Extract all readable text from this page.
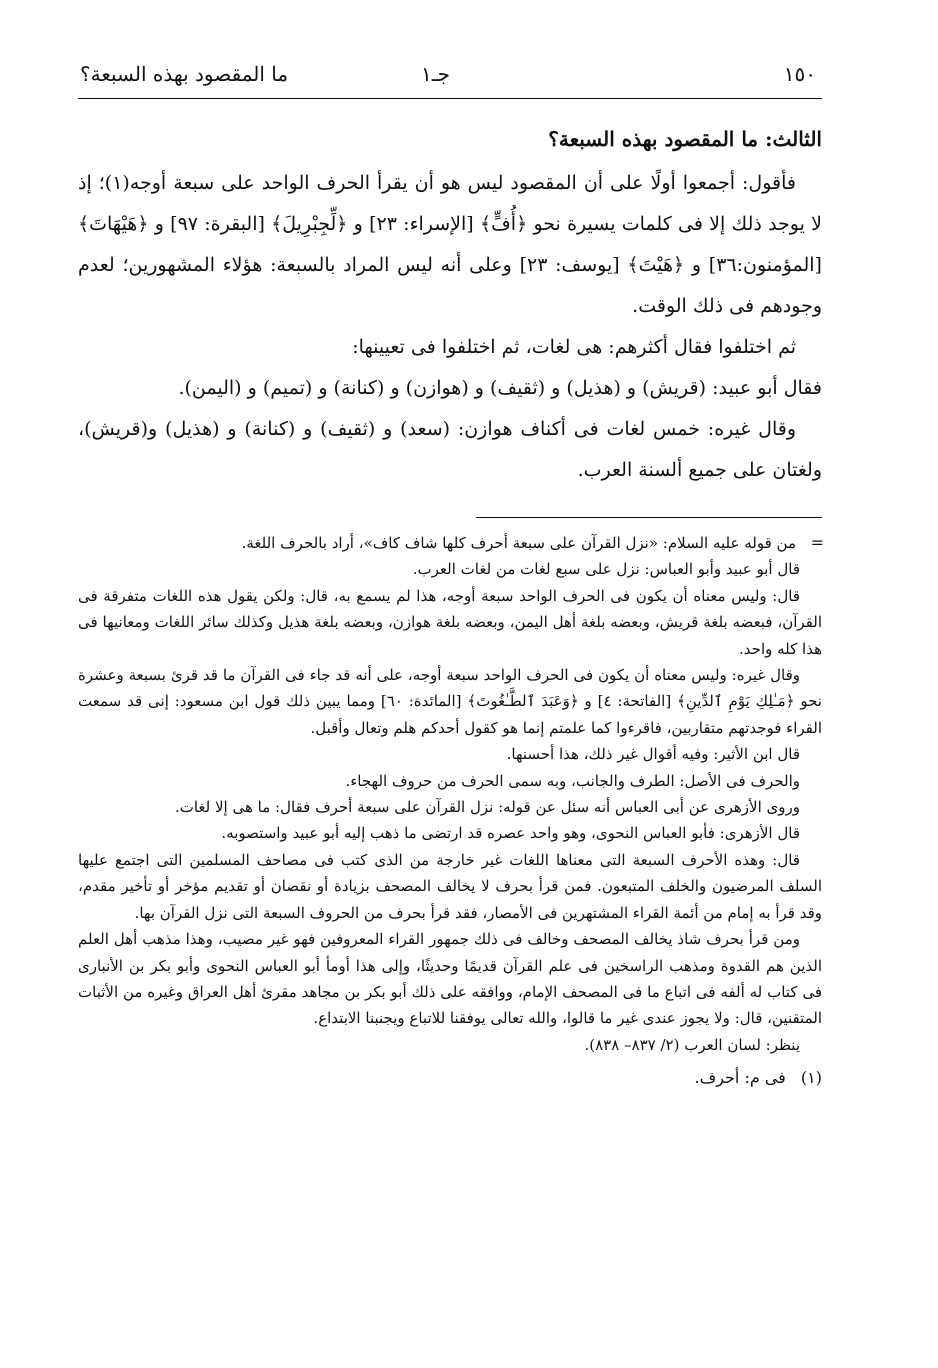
١٥٠
جـ١
ما المقصود بهذه السبعة؟
الثالث: ما المقصود بهذه السبعة؟

فأقول: أجمعوا أولًا على أن المقصود ليس هو أن يقرأ الحرف الواحد على سبعة أوجه(١)؛ إذ لا يوجد ذلك إلا فى كلمات يسيرة نحو ﴿أُفٍّ﴾ [الإسراء: ٢٣] و ﴿لِّجِبْرِيلَ﴾ [البقرة: ٩٧] و ﴿هَيْهَاتَ﴾ [المؤمنون:٣٦] و ﴿هَيْتَ﴾ [يوسف: ٢٣] وعلى أنه ليس المراد بالسبعة: هؤلاء المشهورين؛ لعدم وجودهم فى ذلك الوقت.

ثم اختلفوا فقال أكثرهم: هى لغات، ثم اختلفوا فى تعيينها:

فقال أبو عبيد: (قريش) و (هذيل) و (ثقيف) و (هوازن) و (كنانة) و (تميم) و (اليمن).

وقال غيره: خمس لغات فى أكناف هوازن: (سعد) و (ثقيف) و (كنانة) و (هذيل) و(قريش)، ولغتان على جميع ألسنة العرب.

=

من قوله عليه السلام: «نزل القرآن على سبعة أحرف كلها شاف كاف»، أراد بالحرف اللغة.

قال أبو عبيد وأبو العباس: نزل على سبع لغات من لغات العرب.

قال: وليس معناه أن يكون فى الحرف الواحد سبعة أوجه، هذا لم يسمع به، قال: ولكن يقول هذه اللغات متفرقة فى القرآن، فبعضه بلغة قريش، وبعضه بلغة أهل اليمن، وبعضه بلغة هوازن، وبعضه بلغة هذيل وكذلك سائر اللغات ومعانيها فى هذا كله واحد.

وقال غيره: وليس معناه أن يكون فى الحرف الواحد سبعة أوجه، على أنه قد جاء فى القرآن ما قد قرئ بسبعة وعشرة نحو ﴿مَـٰلِكِ يَوْمِ ٱلدِّينِ﴾ [الفاتحة: ٤] و ﴿وَعَبَدَ ٱلطَّـٰغُوتَ﴾ [المائدة: ٦٠] ومما يبين ذلك قول ابن مسعود: إنى قد سمعت القراء فوجدتهم متقاربين، فاقرءوا كما علمتم إنما هو كقول أحدكم هلم وتعال وأقبل.

قال ابن الأثير: وفيه أقوال غير ذلك، هذا أحسنها.

والحرف فى الأصل: الطرف والجانب، وبه سمى الحرف من حروف الهجاء.

وروى الأزهرى عن أبى العباس أنه سئل عن قوله: نزل القرآن على سبعة أحرف فقال: ما هى إلا لغات.

قال الأزهرى: فأبو العباس النحوى، وهو واحد عصره قد ارتضى ما ذهب إليه أبو عبيد واستصوبه.

قال: وهذه الأحرف السبعة التى معناها اللغات غير خارجة من الذى كتب فى مصاحف المسلمين التى اجتمع عليها السلف المرضيون والخلف المتبعون. فمن قرأ بحرف لا يخالف المصحف بزيادة أو نقصان أو تقديم مؤخر أو تأخير مقدم، وقد قرأ به إمام من أئمة القراء المشتهرين فى الأمصار، فقد قرأ بحرف من الحروف السبعة التى نزل القرآن بها.

ومن قرأ بحرف شاذ يخالف المصحف وخالف فى ذلك جمهور القراء المعروفين فهو غير مصيب، وهذا مذهب أهل العلم الذين هم القدوة ومذهب الراسخين فى علم القرآن قديمًا وحديثًا، وإلى هذا أومأ أبو العباس النحوى وأبو بكر بن الأنبارى فى كتاب له ألفه فى اتباع ما فى المصحف الإمام، ووافقه على ذلك أبو بكر بن مجاهد مقرئ أهل العراق وغيره من الأثبات المتقنين، قال: ولا يجوز عندى غير ما قالوا، والله تعالى يوفقنا للاتباع ويجنبنا الابتداع.

ينظر: لسان العرب (٢/ ٨٣٧– ٨٣٨).

(١) فى م: أحرف.
